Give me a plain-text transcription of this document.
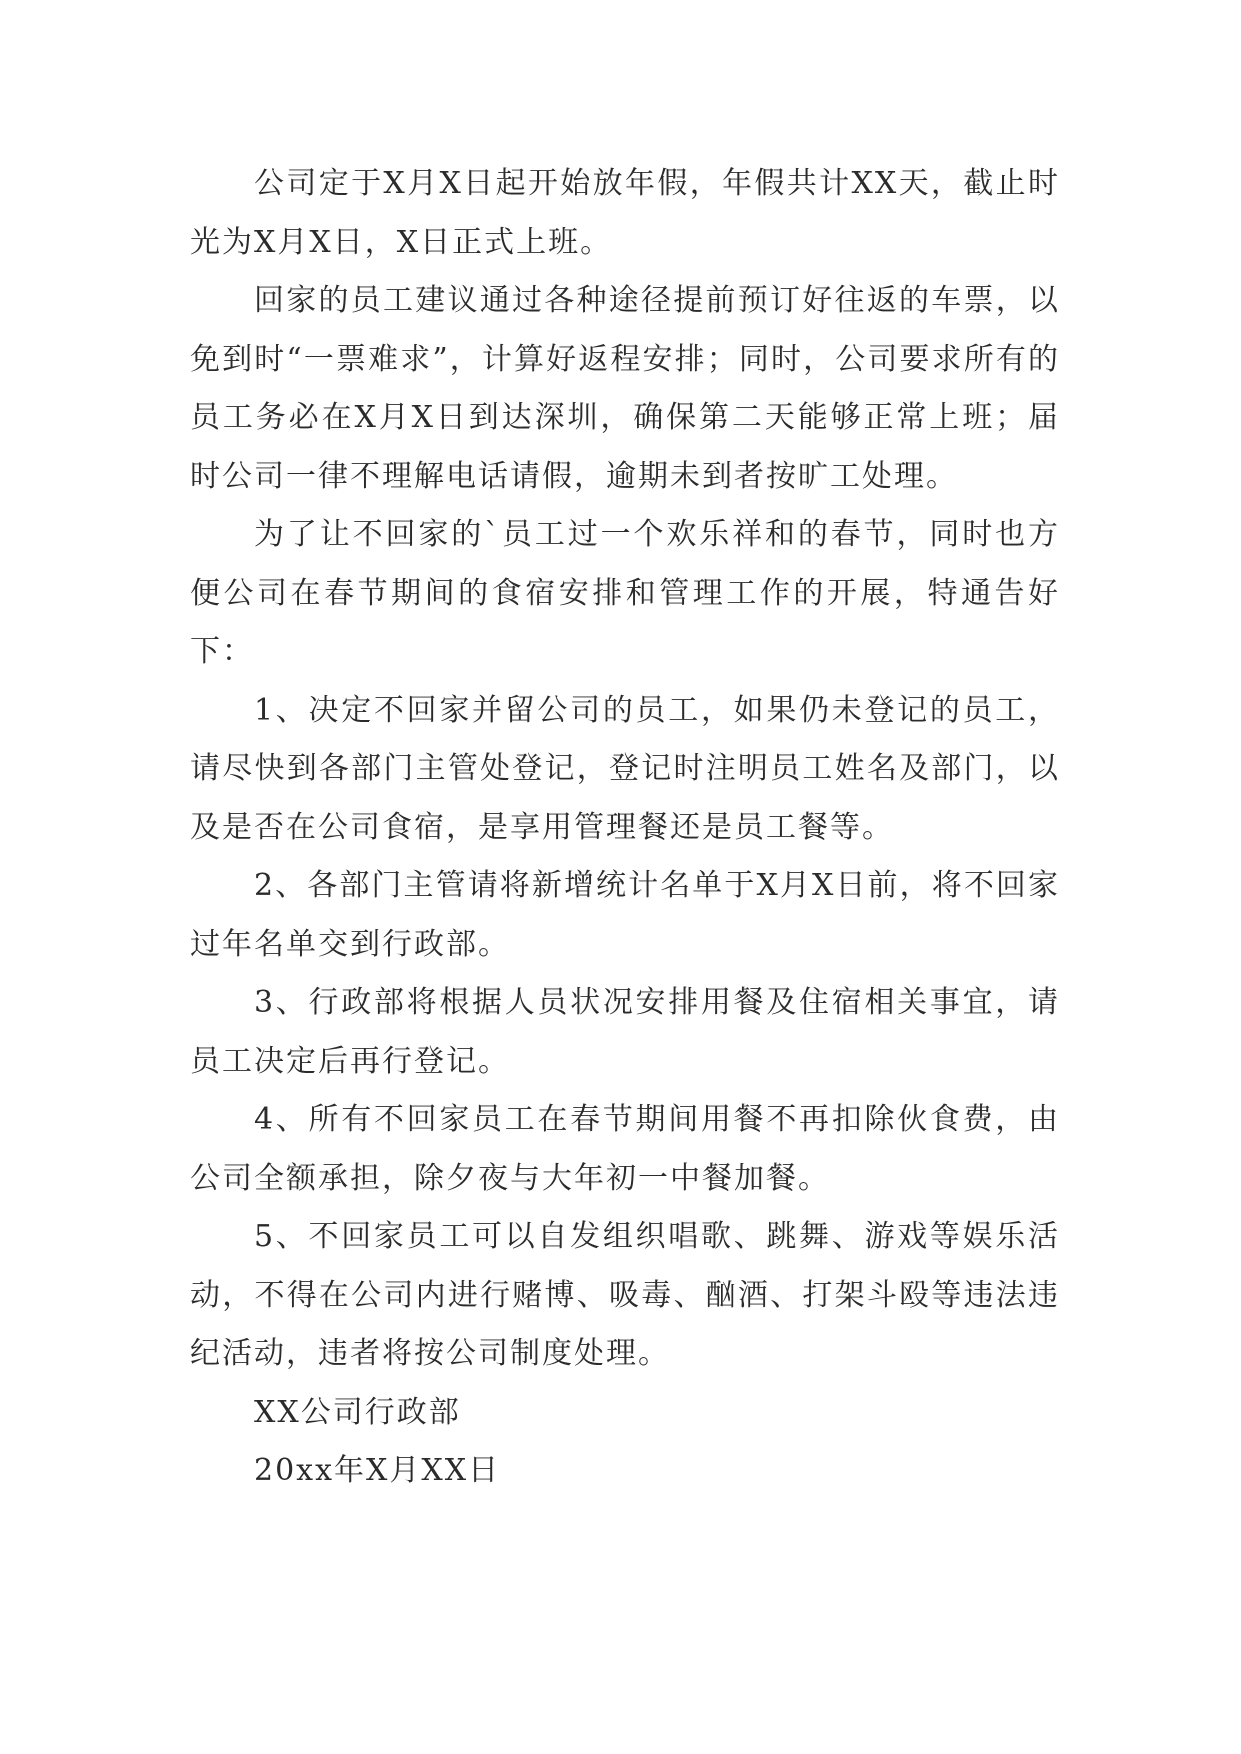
公司定于X月X日起开始放年假，年假共计XX天，截止时光为X月X日，X日正式上班。

回家的员工建议通过各种途径提前预订好往返的车票，以免到时“一票难求”，计算好返程安排；同时，公司要求所有的员工务必在X月X日到达深圳，确保第二天能够正常上班；届时公司一律不理解电话请假，逾期未到者按旷工处理。

为了让不回家的`员工过一个欢乐祥和的春节，同时也方便公司在春节期间的食宿安排和管理工作的开展，特通告好下：

1、决定不回家并留公司的员工，如果仍未登记的员工，请尽快到各部门主管处登记，登记时注明员工姓名及部门，以及是否在公司食宿，是享用管理餐还是员工餐等。

2、各部门主管请将新增统计名单于X月X日前，将不回家过年名单交到行政部。

3、行政部将根据人员状况安排用餐及住宿相关事宜，请员工决定后再行登记。

4、所有不回家员工在春节期间用餐不再扣除伙食费，由公司全额承担，除夕夜与大年初一中餐加餐。

5、不回家员工可以自发组织唱歌、跳舞、游戏等娱乐活动，不得在公司内进行赌博、吸毒、酗酒、打架斗殴等违法违纪活动，违者将按公司制度处理。

XX公司行政部

20xx年X月XX日
